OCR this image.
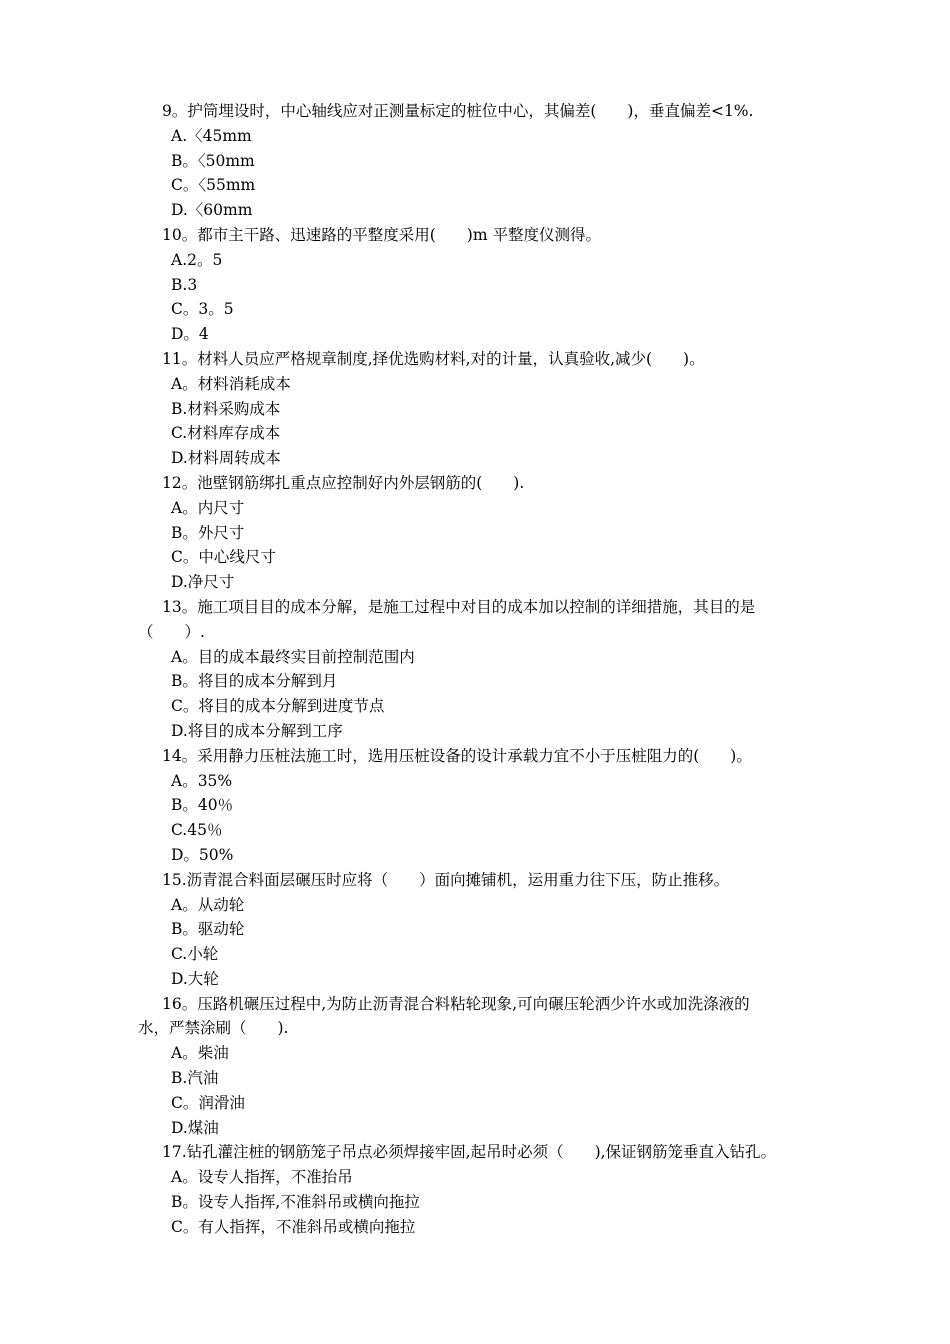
9。护筒埋设时，中心轴线应对正测量标定的桩位中心，其偏差(　　)，垂直偏差<1%.
A.〈45mm
B。〈50mm
C。〈55mm
D.〈60mm
10。都市主干路、迅速路的平整度采用(　　)m 平整度仪测得。
A.2。5
B.3
C。3。5
D。4
11。材料人员应严格规章制度,择优选购材料,对的计量，认真验收,减少(　　)。
A。材料消耗成本
B.材料采购成本
C.材料库存成本
D.材料周转成本
12。池壁钢筋绑扎重点应控制好内外层钢筋的(　　).
A。内尺寸
B。外尺寸
C。中心线尺寸
D.净尺寸
13。施工项目目的成本分解，是施工过程中对目的成本加以控制的详细措施，其目的是
（　　）.
A。目的成本最终实目前控制范围内
B。将目的成本分解到月
C。将目的成本分解到进度节点
D.将目的成本分解到工序
14。采用静力压桩法施工时，选用压桩设备的设计承载力宜不小于压桩阻力的(　　)。
A。35%
B。40％
C.45％
D。50%
15.沥青混合料面层碾压时应将（　　）面向摊铺机，运用重力往下压，防止推移。
A。从动轮
B。驱动轮
C.小轮
D.大轮
16。压路机碾压过程中,为防止沥青混合料粘轮现象,可向碾压轮洒少许水或加洗涤液的
水，严禁涂刷（　　).
A。柴油
B.汽油
C。润滑油
D.煤油
17.钻孔灌注桩的钢筋笼子吊点必须焊接牢固,起吊时必须（　　),保证钢筋笼垂直入钻孔。
A。设专人指挥，不准抬吊
B。设专人指挥,不准斜吊或横向拖拉
C。有人指挥，不准斜吊或横向拖拉
